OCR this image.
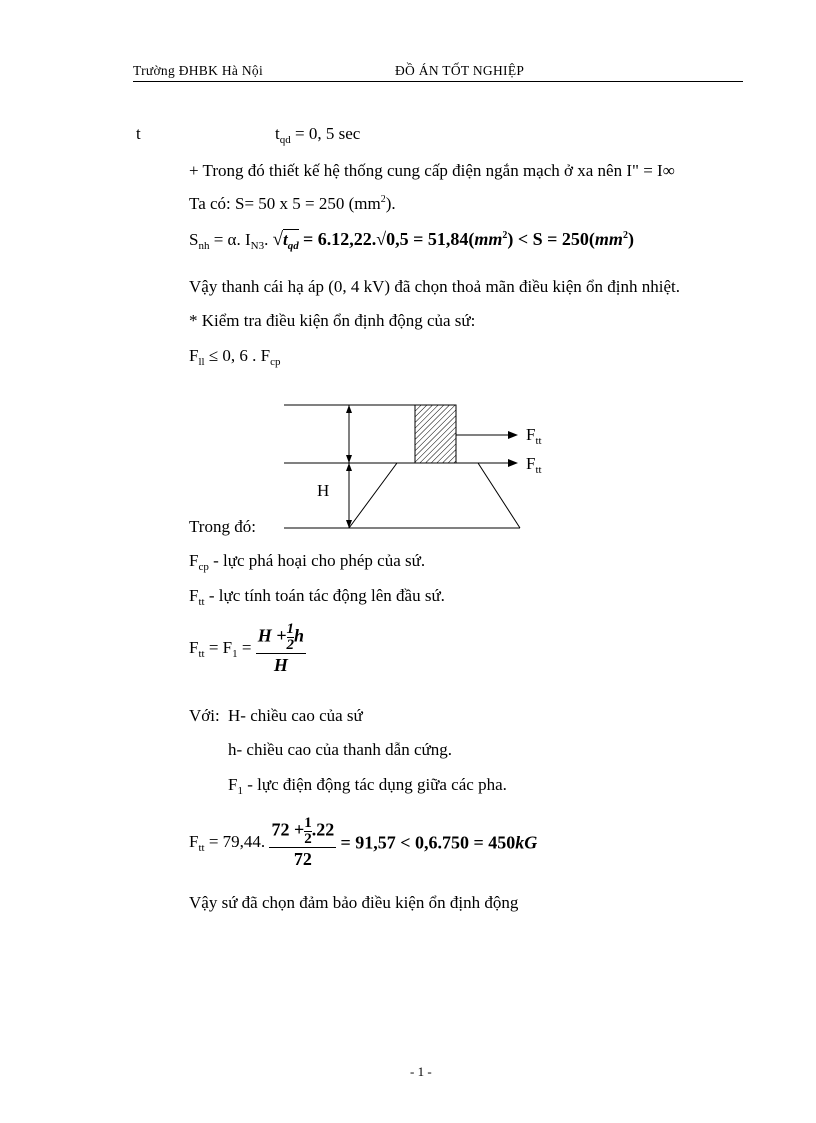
Trường ĐHBK Hà Nội	ĐỒ ÁN TỐT NGHIỆP
t	$t_{qd} = 0$, 5 sec
+ Trong đó thiết kế hệ thống cung cấp điện ngắn mạch ở xa nên I" = I∞
Ta có: S= 50 x 5 = 250 $(mm^2)$.
$S_{nh} = \alpha$. $I_{N3}$. $√t_{qd} = 6.12,22.√0,5 = 51,84(mm^2) < S = 250(mm^2)$
Vậy thanh cái hạ áp (0, 4 kV) đã chọn thoả mãn điều kiện ổn định nhiệt.
* Kiểm tra điều kiện ổn định động của sứ:
$F_{ll} \le 0$, 6 . $F_{cp}$
H
$F_{tt}$
$F_{tt}$
Trong đó:
$F_{cp}$ - lực phá hoại cho phép của sứ.
$F_{tt}$ - lực tính toán tác động lên đầu sứ.
$F_{tt} = F_1 = \frac{H + \frac{1}{2} h}{H}$
Với: H- chiều cao của sứ
h- chiều cao của thanh dẫn cứng.
$F_1$ - lực điện động tác dụng giữa các pha.
$F_{tt} = 79,44$. $\frac{72 + \frac{1}{2} .22}{72} = 91,57 < 0,6.750 = 450kG$
Vậy sứ đã chọn đảm bảo điều kiện ổn định động
- 1 -
